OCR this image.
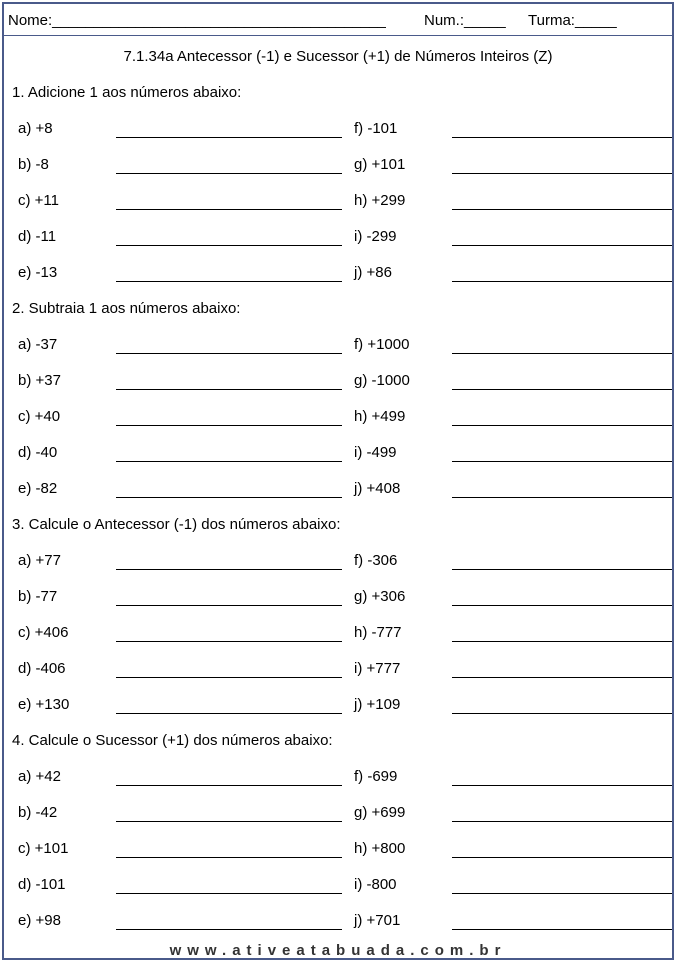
Nome:________________________________________	Num.:_____ Turma:_____
7.1.34a Antecessor (-1) e Sucessor (+1) de Números Inteiros (Z)
www.ativeatabuada.com.br
1. Adicione 1 aos números abaixo:
a) +8	f) -101
b) -8	g) +101
c) +11	h) +299
d) -11	i) -299
e) -13	j) +86
2. Subtraia 1 aos números abaixo:
a) -37	f) +1000
b) +37	g) -1000
c) +40	h) +499
d) -40	i) -499
e) -82	j) +408
3. Calcule o Antecessor (-1) dos números abaixo:
a) +77	f) -306
b) -77	g) +306
c) +406	h) -777
d) -406	i) +777
e) +130	j) +109
4. Calcule o Sucessor (+1) dos números abaixo:
a) +42	f) -699
b) -42	g) +699
c) +101	h) +800
d) -101	i) -800
e) +98	j) +701
